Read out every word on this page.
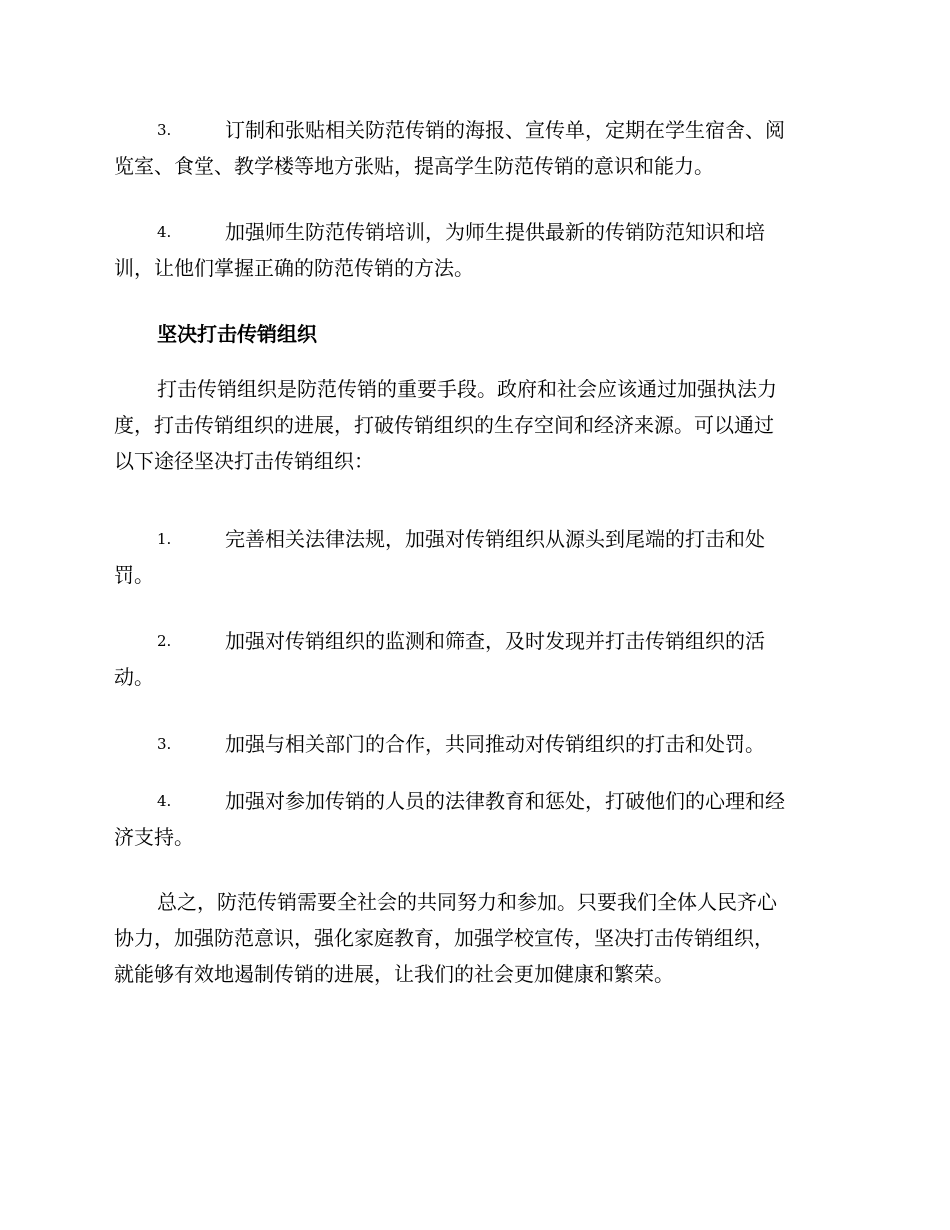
3.	订制和张贴相关防范传销的海报、宣传单，定期在学生宿舍、阅
览室、食堂、教学楼等地方张贴，提高学生防范传销的意识和能力。
4.	加强师生防范传销培训，为师生提供最新的传销防范知识和培
训，让他们掌握正确的防范传销的方法。
坚决打击传销组织
打击传销组织是防范传销的重要手段。政府和社会应该通过加强执法力
度，打击传销组织的进展，打破传销组织的生存空间和经济来源。可以通过
以下途径坚决打击传销组织：
1.	完善相关法律法规，加强对传销组织从源头到尾端的打击和处
罚。
2.	加强对传销组织的监测和筛查，及时发现并打击传销组织的活
动。
3.	加强与相关部门的合作，共同推动对传销组织的打击和处罚。
4.	加强对参加传销的人员的法律教育和惩处，打破他们的心理和经
济支持。
总之，防范传销需要全社会的共同努力和参加。只要我们全体人民齐心
协力，加强防范意识，强化家庭教育，加强学校宣传，坚决打击传销组织，
就能够有效地遏制传销的进展，让我们的社会更加健康和繁荣。
